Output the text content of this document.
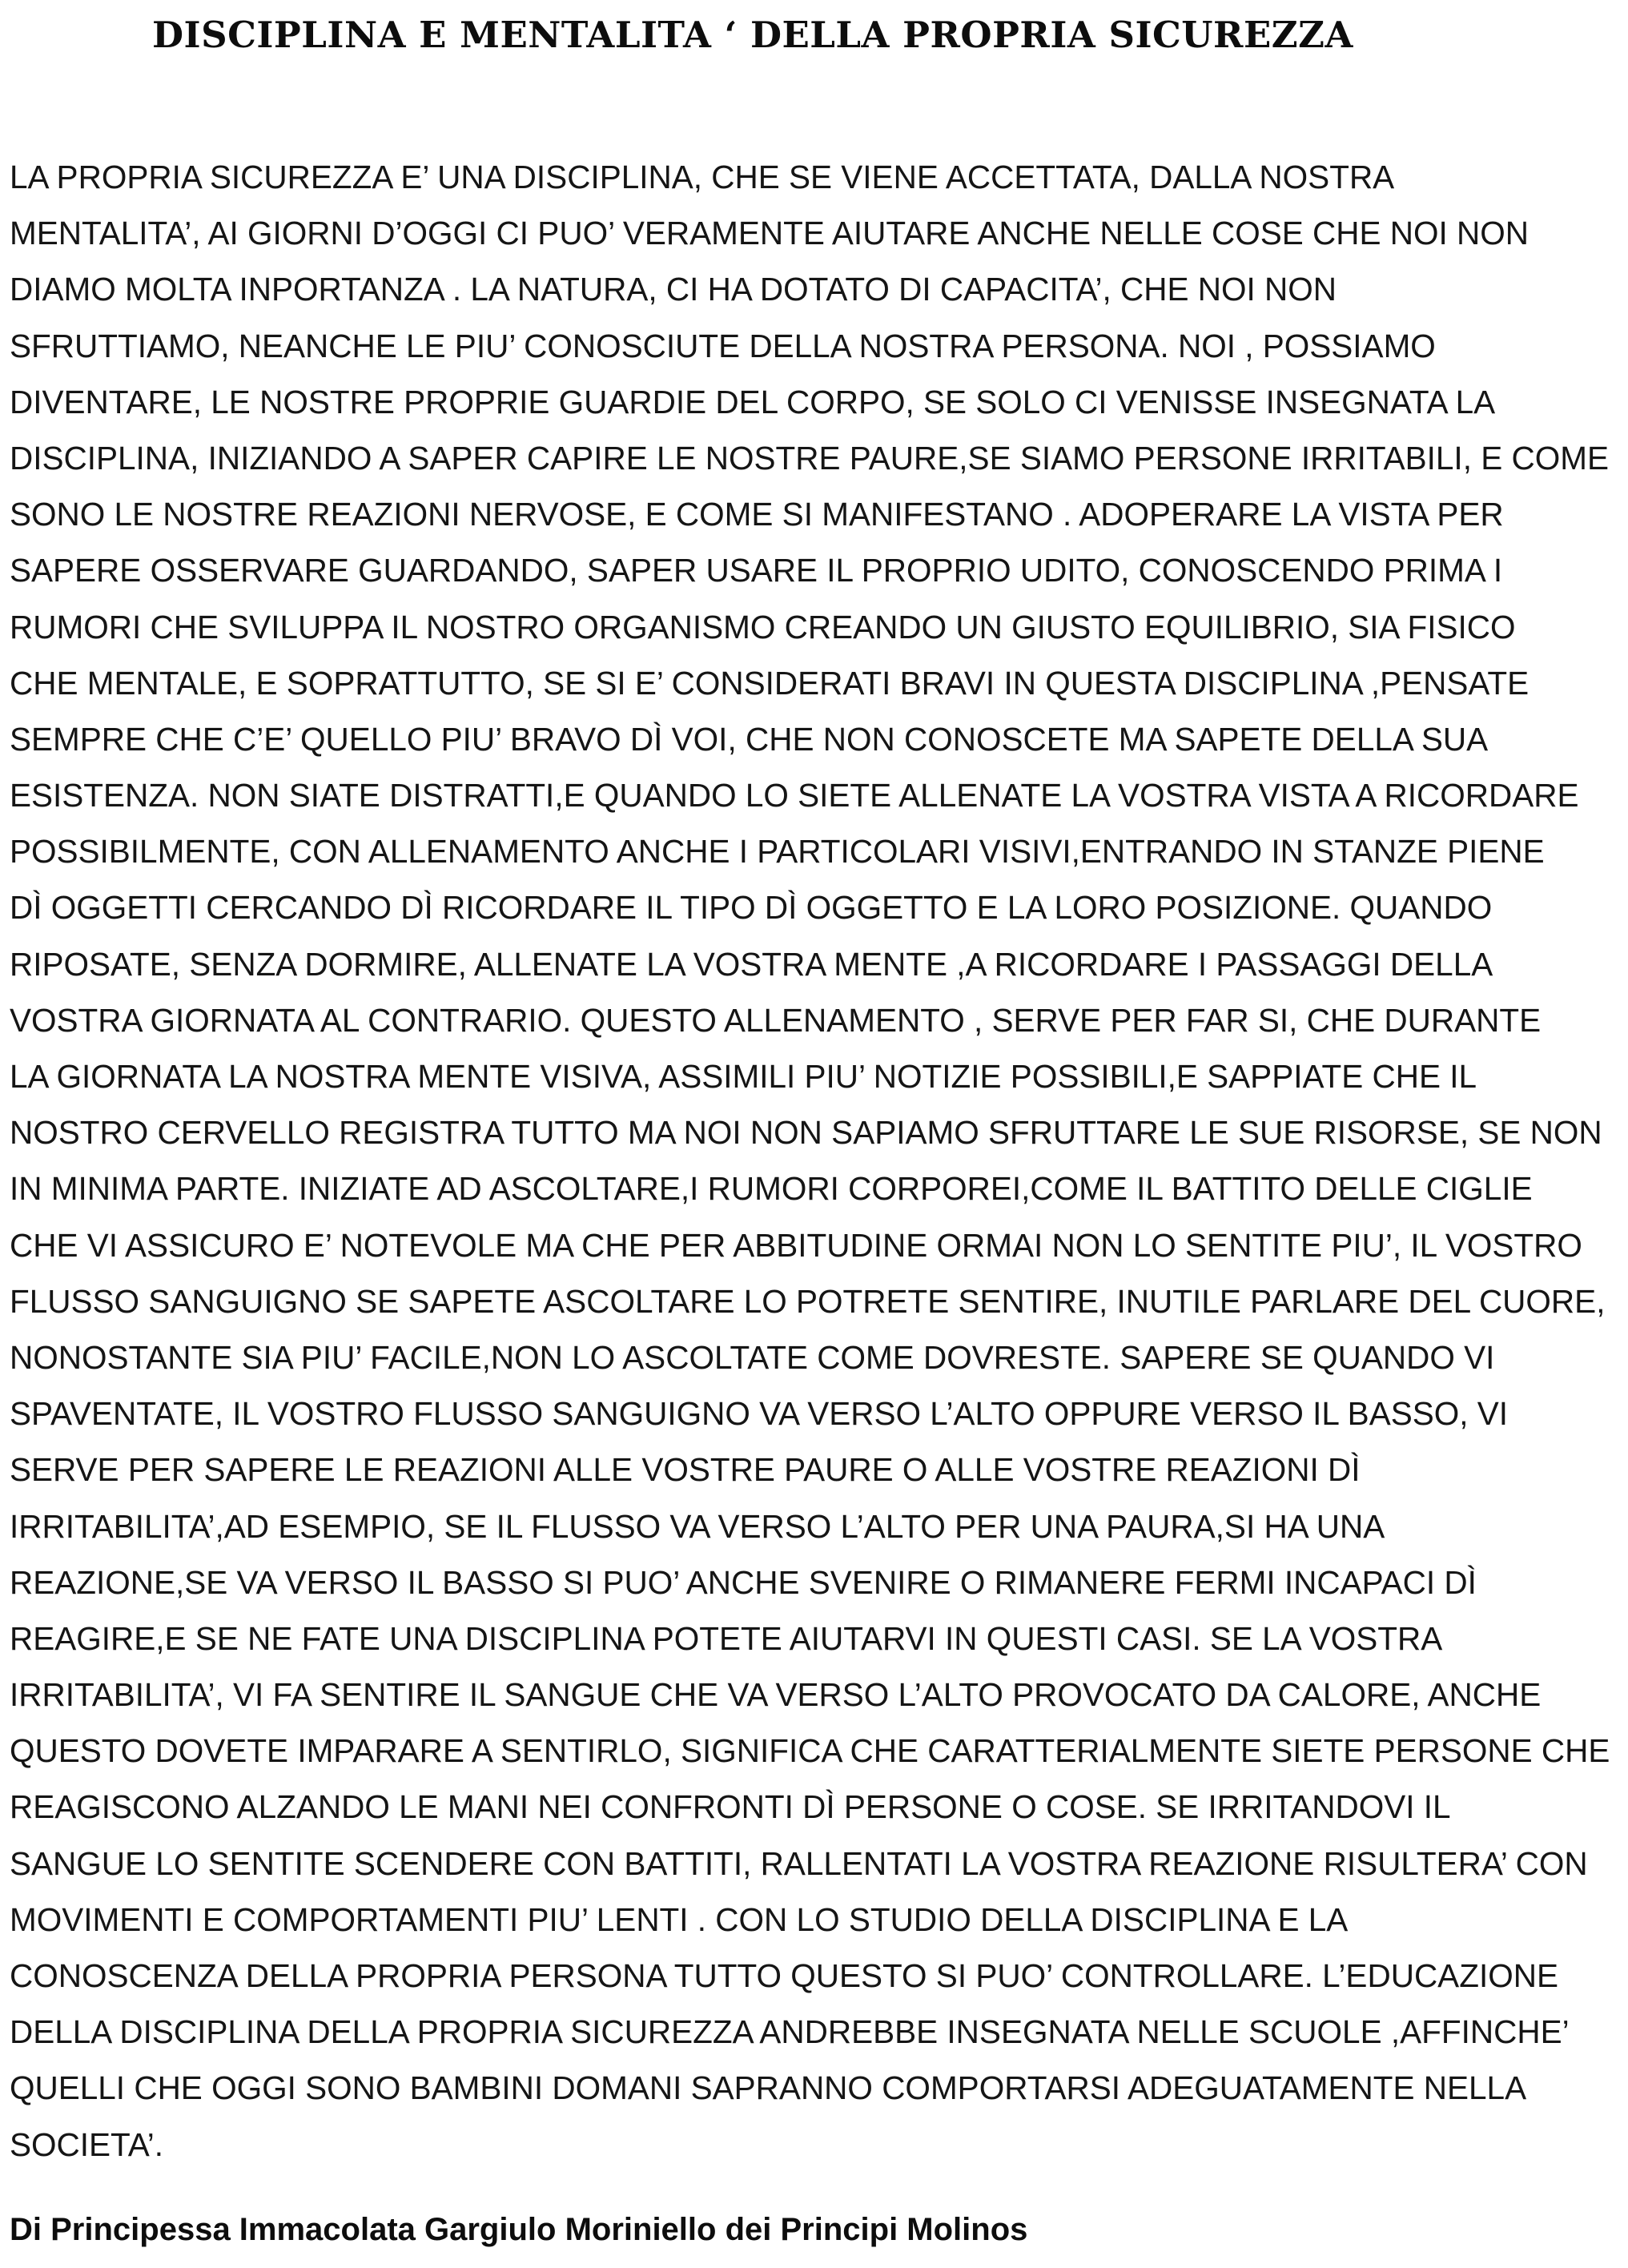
DISCIPLINA E MENTALITA ‘ DELLA PROPRIA SICUREZZA
LA PROPRIA SICUREZZA E’ UNA DISCIPLINA, CHE SE VIENE ACCETTATA, DALLA NOSTRA
MENTALITA’, AI GIORNI D’OGGI CI PUO’ VERAMENTE AIUTARE ANCHE NELLE COSE CHE NOI NON
DIAMO MOLTA INPORTANZA . LA NATURA, CI HA DOTATO DI CAPACITA’, CHE NOI NON
SFRUTTIAMO, NEANCHE LE PIU’ CONOSCIUTE DELLA NOSTRA PERSONA. NOI , POSSIAMO
DIVENTARE, LE NOSTRE PROPRIE GUARDIE DEL CORPO, SE SOLO CI VENISSE INSEGNATA LA
DISCIPLINA, INIZIANDO A SAPER CAPIRE LE NOSTRE PAURE,SE SIAMO PERSONE IRRITABILI, E COME
SONO LE NOSTRE REAZIONI NERVOSE, E COME SI MANIFESTANO . ADOPERARE LA VISTA PER
SAPERE OSSERVARE GUARDANDO, SAPER USARE IL PROPRIO UDITO, CONOSCENDO PRIMA I
RUMORI CHE SVILUPPA IL NOSTRO ORGANISMO CREANDO UN GIUSTO EQUILIBRIO, SIA FISICO
CHE MENTALE, E SOPRATTUTTO, SE SI E’ CONSIDERATI BRAVI IN QUESTA DISCIPLINA ,PENSATE
SEMPRE CHE C’E’ QUELLO PIU’ BRAVO DÌ VOI, CHE NON CONOSCETE MA SAPETE DELLA SUA
ESISTENZA. NON SIATE DISTRATTI,E QUANDO LO SIETE ALLENATE LA VOSTRA VISTA A RICORDARE
POSSIBILMENTE, CON ALLENAMENTO ANCHE I PARTICOLARI VISIVI,ENTRANDO IN STANZE PIENE
DÌ OGGETTI CERCANDO DÌ RICORDARE IL TIPO DÌ OGGETTO E LA LORO POSIZIONE. QUANDO
RIPOSATE, SENZA DORMIRE, ALLENATE LA VOSTRA MENTE ,A RICORDARE I PASSAGGI DELLA
VOSTRA GIORNATA AL CONTRARIO. QUESTO ALLENAMENTO , SERVE PER FAR SI, CHE DURANTE
LA GIORNATA LA NOSTRA MENTE VISIVA, ASSIMILI PIU’ NOTIZIE POSSIBILI,E SAPPIATE CHE IL
NOSTRO CERVELLO REGISTRA TUTTO MA NOI NON SAPIAMO SFRUTTARE LE SUE RISORSE, SE NON
IN MINIMA PARTE. INIZIATE AD ASCOLTARE,I RUMORI CORPOREI,COME IL BATTITO DELLE CIGLIE
CHE VI ASSICURO E’ NOTEVOLE MA CHE PER ABBITUDINE ORMAI NON LO SENTITE PIU’, IL VOSTRO
FLUSSO SANGUIGNO SE SAPETE ASCOLTARE LO POTRETE SENTIRE, INUTILE PARLARE DEL CUORE,
NONOSTANTE SIA PIU’ FACILE,NON LO ASCOLTATE COME DOVRESTE. SAPERE SE QUANDO VI
SPAVENTATE, IL VOSTRO FLUSSO SANGUIGNO VA VERSO L’ALTO OPPURE VERSO IL BASSO, VI
SERVE PER SAPERE LE REAZIONI ALLE VOSTRE PAURE O ALLE VOSTRE REAZIONI DÌ
IRRITABILITA’,AD ESEMPIO, SE IL FLUSSO VA VERSO L’ALTO PER UNA PAURA,SI HA UNA
REAZIONE,SE VA VERSO IL BASSO SI PUO’ ANCHE SVENIRE O RIMANERE FERMI INCAPACI DÌ
REAGIRE,E SE NE FATE UNA DISCIPLINA POTETE AIUTARVI IN QUESTI CASI. SE LA VOSTRA
IRRITABILITA’, VI FA SENTIRE IL SANGUE CHE VA VERSO L’ALTO PROVOCATO DA CALORE, ANCHE
QUESTO DOVETE IMPARARE A SENTIRLO, SIGNIFICA CHE CARATTERIALMENTE SIETE PERSONE CHE
REAGISCONO ALZANDO LE MANI NEI CONFRONTI DÌ PERSONE O COSE. SE IRRITANDOVI IL
SANGUE LO SENTITE SCENDERE CON BATTITI, RALLENTATI LA VOSTRA REAZIONE RISULTERA’ CON
MOVIMENTI E COMPORTAMENTI PIU’ LENTI . CON LO STUDIO DELLA DISCIPLINA E LA
CONOSCENZA DELLA PROPRIA PERSONA TUTTO QUESTO SI PUO’ CONTROLLARE. L’EDUCAZIONE
DELLA DISCIPLINA DELLA PROPRIA SICUREZZA ANDREBBE INSEGNATA NELLE SCUOLE ,AFFINCHE’
QUELLI CHE OGGI SONO BAMBINI DOMANI SAPRANNO COMPORTARSI ADEGUATAMENTE NELLA
SOCIETA’.
Di Principessa Immacolata Gargiulo Moriniello dei Principi Molinos
